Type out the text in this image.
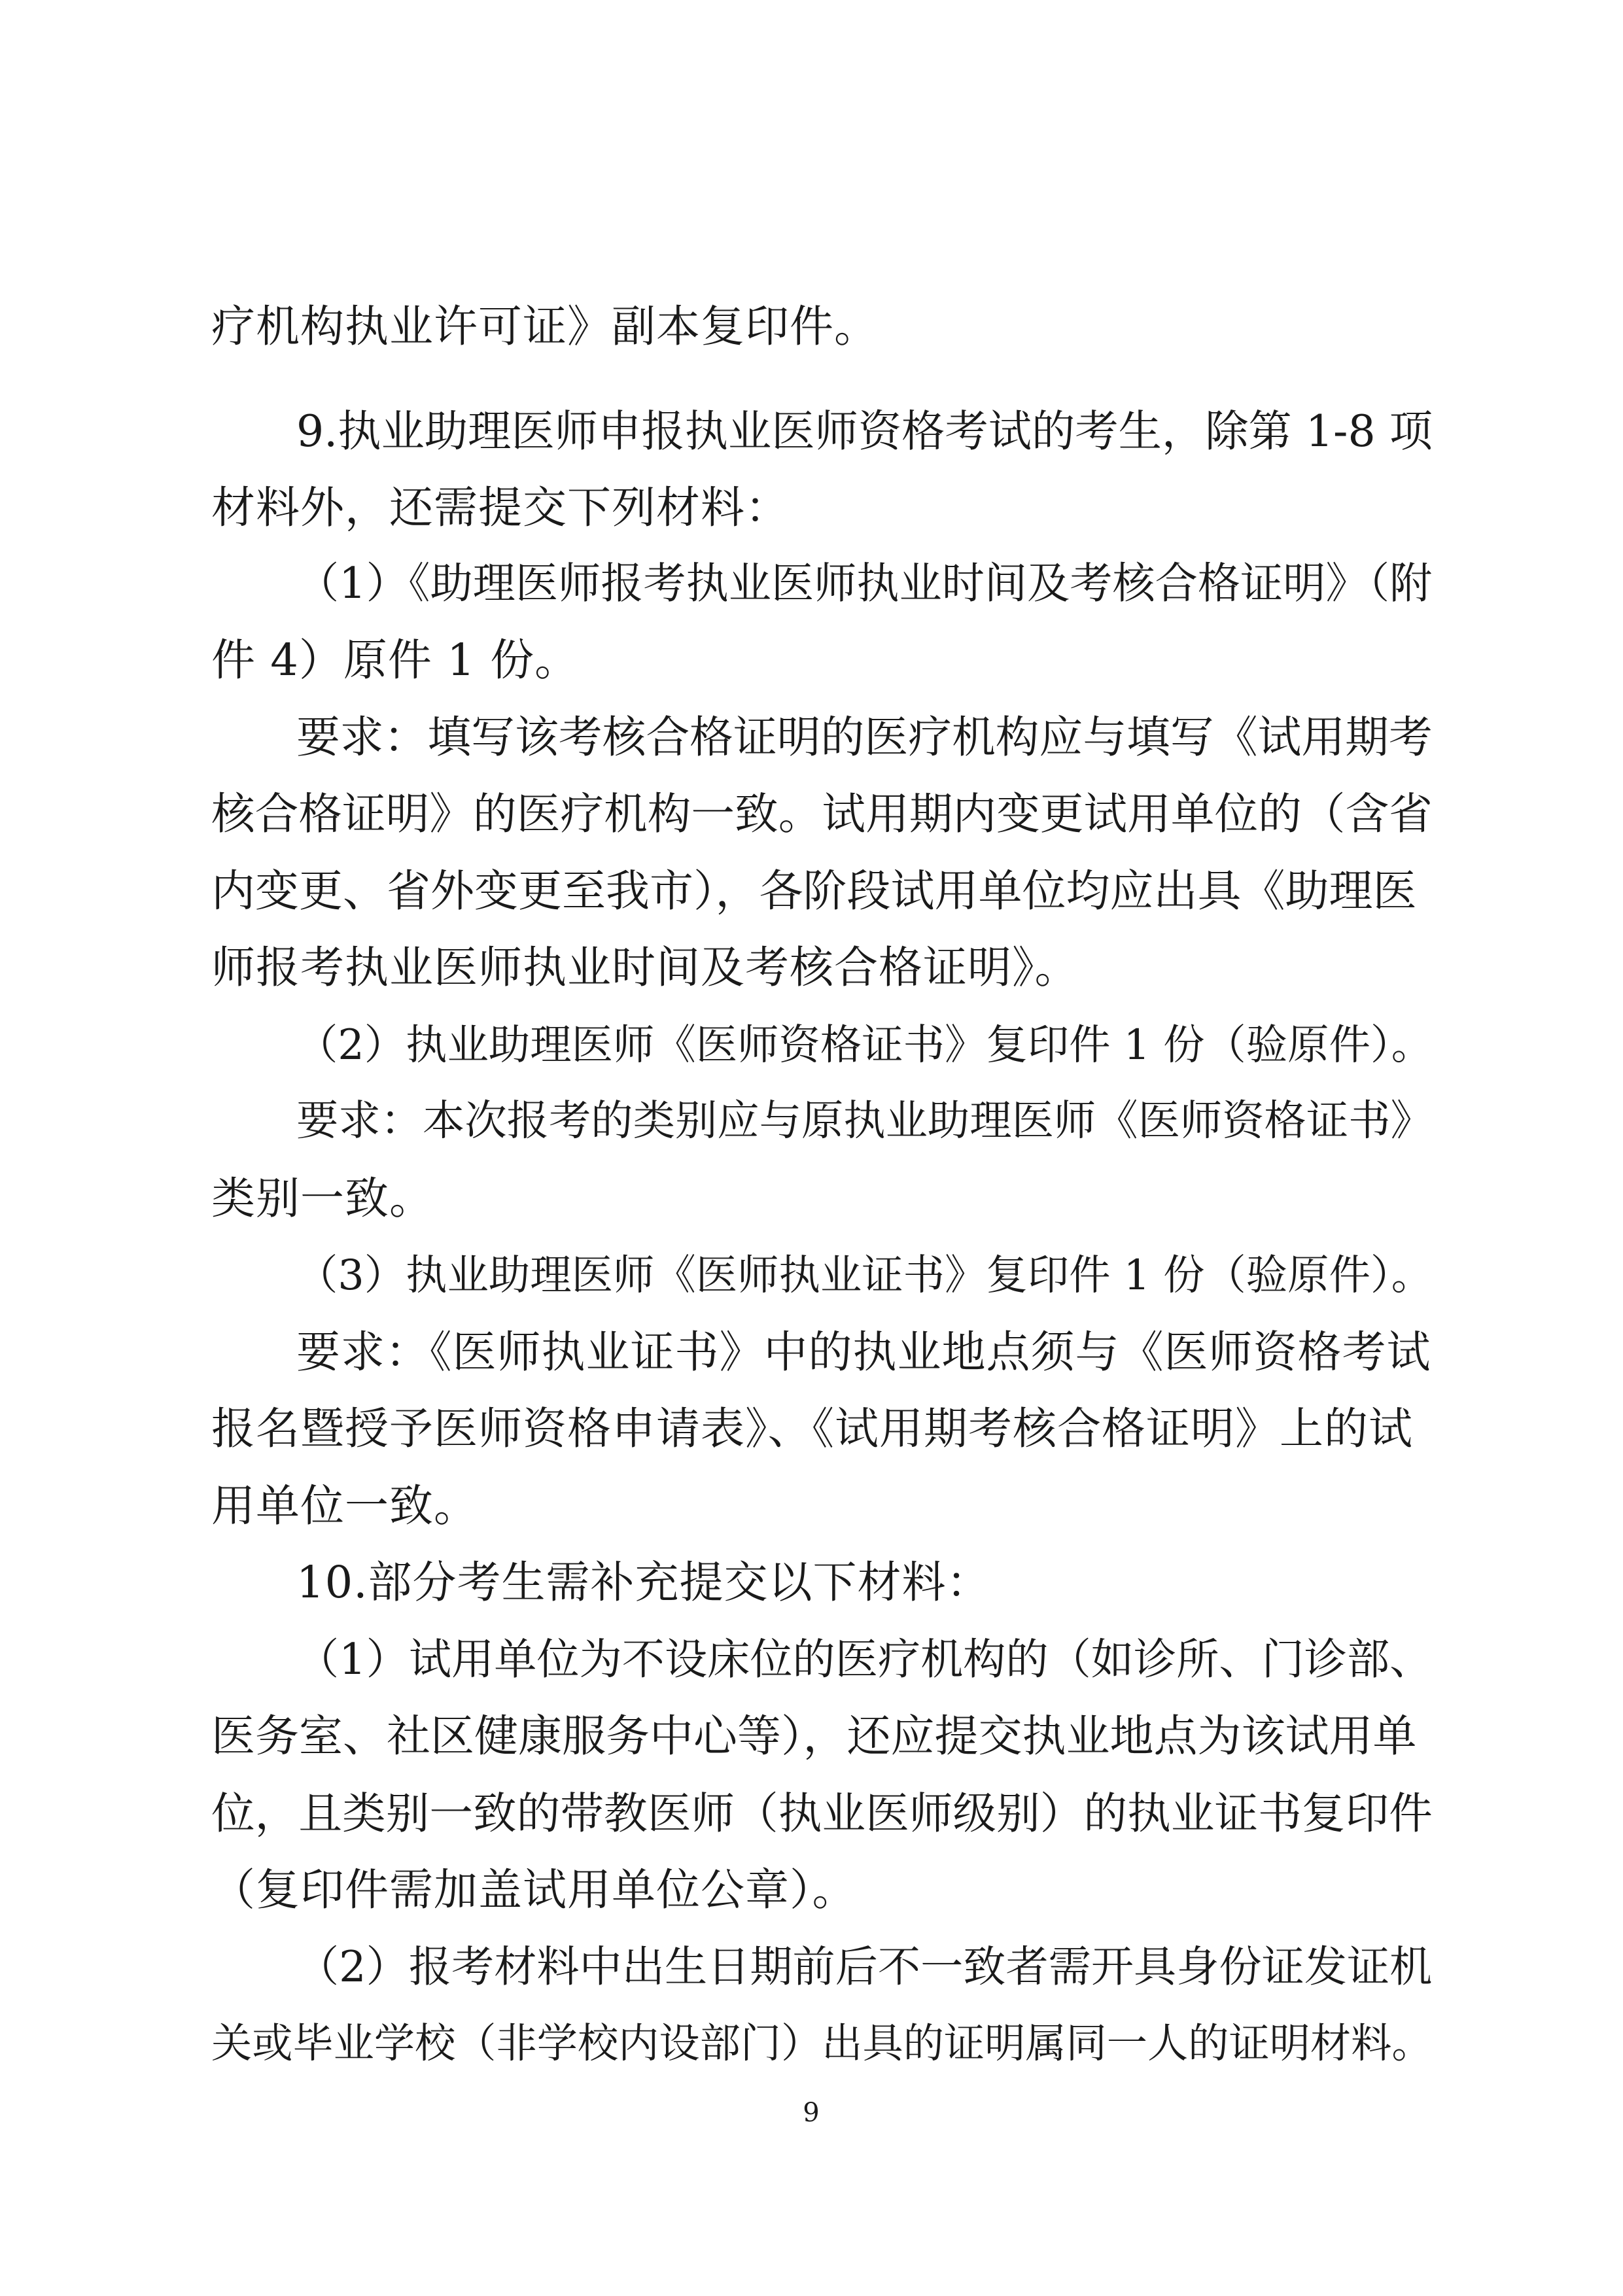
疗机构执业许可证》副本复印件。
9.执业助理医师申报执业医师资格考试的考生，除第 1-8 项
材料外，还需提交下列材料：
（1）《助理医师报考执业医师执业时间及考核合格证明》（附
件 4）原件 1 份。
要求：填写该考核合格证明的医疗机构应与填写《试用期考
核合格证明》的医疗机构一致。试用期内变更试用单位的（含省
内变更、省外变更至我市），各阶段试用单位均应出具《助理医
师报考执业医师执业时间及考核合格证明》。
（2）执业助理医师《医师资格证书》复印件 1 份（验原件）。
要求：本次报考的类别应与原执业助理医师《医师资格证书》
类别一致。
（3）执业助理医师《医师执业证书》复印件 1 份（验原件）。
要求：《医师执业证书》中的执业地点须与《医师资格考试
报名暨授予医师资格申请表》、《试用期考核合格证明》上的试
用单位一致。
10.部分考生需补充提交以下材料：
（1）试用单位为不设床位的医疗机构的（如诊所、门诊部、
医务室、社区健康服务中心等），还应提交执业地点为该试用单
位，且类别一致的带教医师（执业医师级别）的执业证书复印件
（复印件需加盖试用单位公章）。
（2）报考材料中出生日期前后不一致者需开具身份证发证机
关或毕业学校（非学校内设部门）出具的证明属同一人的证明材料。
9
